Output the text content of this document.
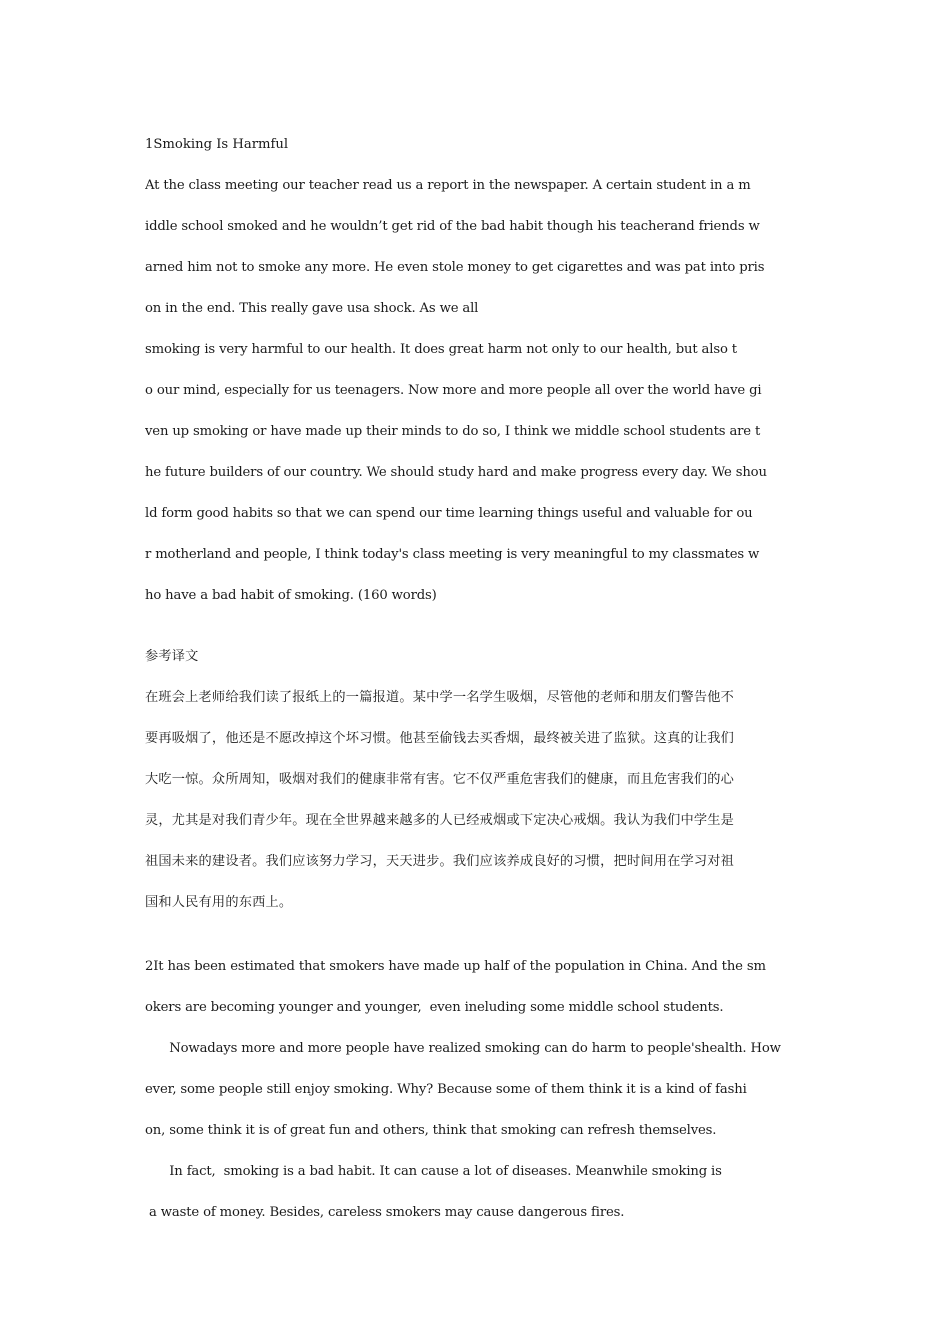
1Smoking Is Harmful
At the class meeting our teacher read us a report in the newspaper. A certain student in a m
iddle school smoked and he wouldn’t get rid of the bad habit though his teacherand friends w
arned him not to smoke any more. He even stole money to get cigarettes and was pat into pris
on in the end. This really gave usa shock. As we all
smoking is very harmful to our health. It does great harm not only to our health, but also t
o our mind, especially for us teenagers. Now more and more people all over the world have gi
ven up smoking or have made up their minds to do so, I think we middle school students are t
he future builders of our country. We should study hard and make progress every day. We shou
ld form good habits so that we can spend our time learning things useful and valuable for ou
r motherland and people, I think today's class meeting is very meaningful to my classmates w
ho have a bad habit of smoking. (160 words)
参考译文
在班会上老师给我们读了报纸上的一篇报道。某中学一名学生吸烟，尽管他的老师和朋友们警告他不
要再吸烟了，他还是不愿改掉这个坏习惯。他甚至偷钱去买香烟，最终被关进了监狱。这真的让我们
大吃一惊。众所周知，吸烟对我们的健康非常有害。它不仅严重危害我们的健康，而且危害我们的心
灵，尤其是对我们青少年。现在全世界越来越多的人已经戒烟或下定决心戒烟。我认为我们中学生是
祖国未来的建设者。我们应该努力学习，天天进步。我们应该养成良好的习惯，把时间用在学习对祖
国和人民有用的东西上。
2It has been estimated that smokers have made up half of the population in China. And the sm
okers are becoming younger and younger,  even ineluding some middle school students.
Nowadays more and more people have realized smoking can do harm to people'shealth. How
ever, some people still enjoy smoking. Why? Because some of them think it is a kind of fashi
on, some think it is of great fun and others, think that smoking can refresh themselves.
In fact,  smoking is a bad habit. It can cause a lot of diseases. Meanwhile smoking is
a waste of money. Besides, careless smokers may cause dangerous fires.
